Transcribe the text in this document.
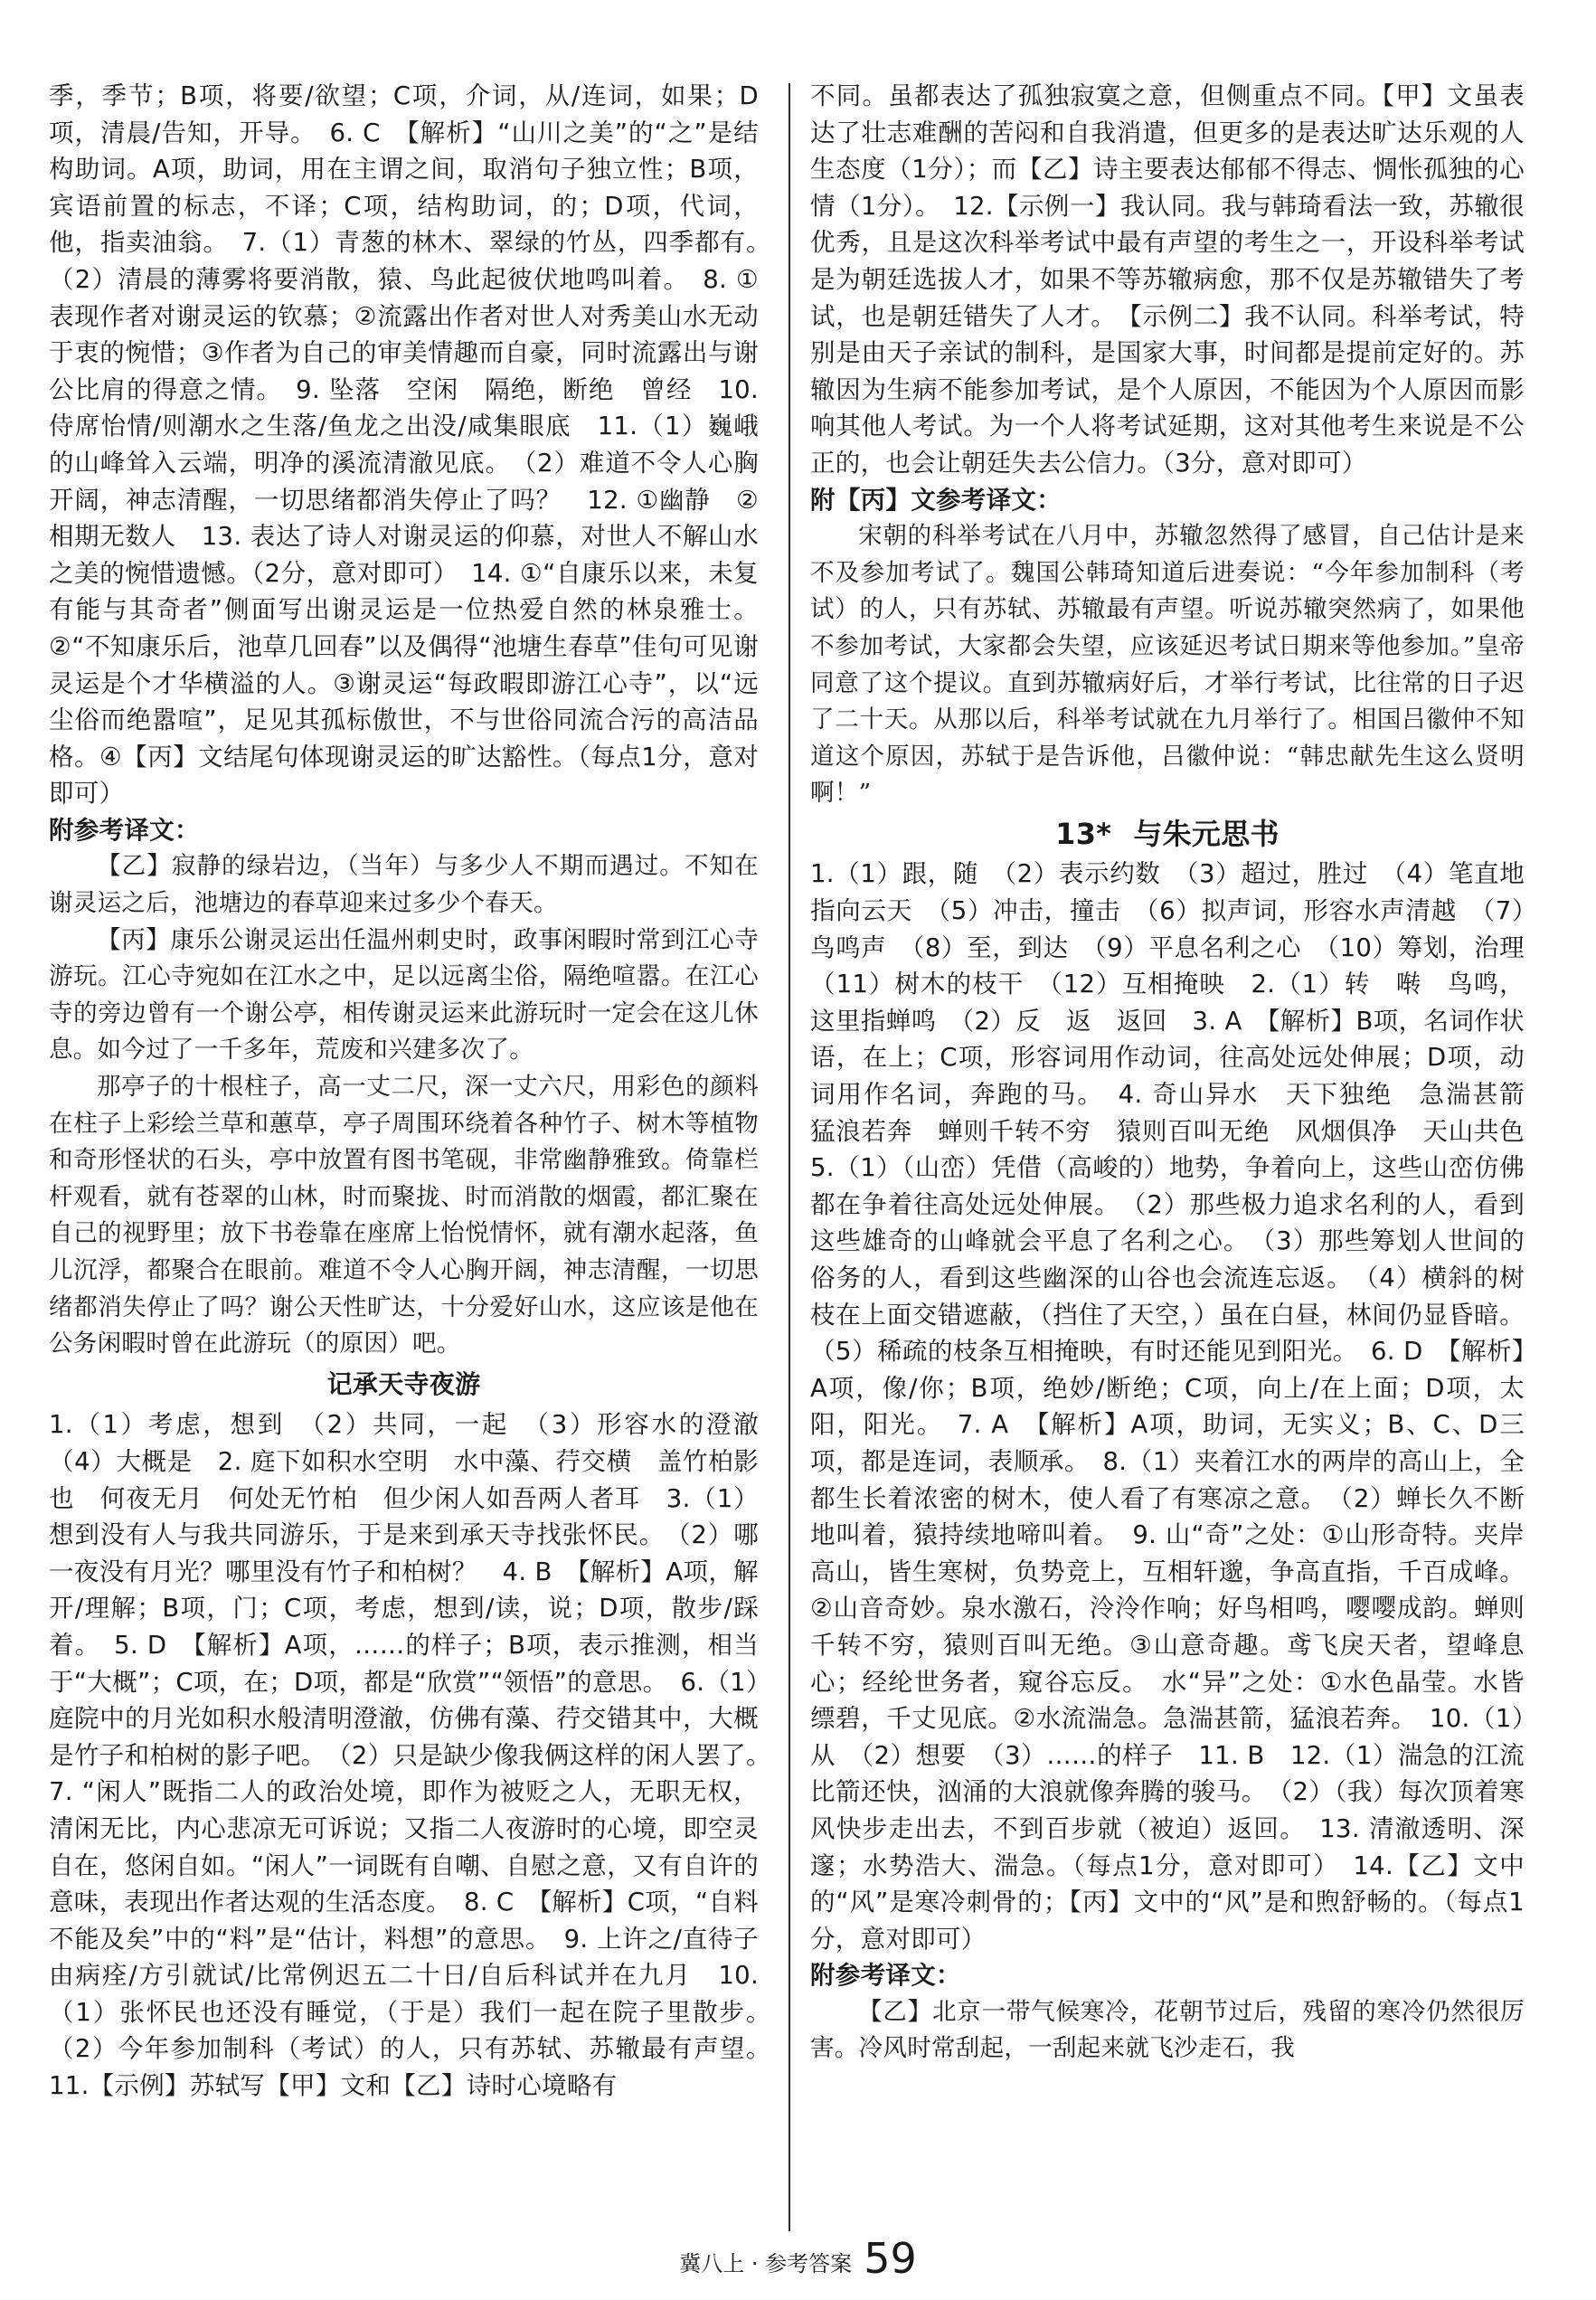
季，季节；B项，将要/欲望；C项，介词，从/连词，如果；D项，清晨/告知，开导。　6. C　【解析】“山川之美”的“之”是结构助词。A项，助词，用在主谓之间，取消句子独立性；B项，宾语前置的标志，不译；C项，结构助词，的；D项，代词，他，指卖油翁。　7.（1）青葱的林木、翠绿的竹丛，四季都有。　（2）清晨的薄雾将要消散，猿、鸟此起彼伏地鸣叫着。　8. ①表现作者对谢灵运的钦慕；②流露出作者对世人对秀美山水无动于衷的惋惜；③作者为自己的审美情趣而自豪，同时流露出与谢公比肩的得意之情。　9. 坠落　空闲　隔绝，断绝　曾经　10. 侍席怡情/则潮水之生落/鱼龙之出没/咸集眼底　11.（1）巍峨的山峰耸入云端，明净的溪流清澈见底。　（2）难道不令人心胸开阔，神志清醒，一切思绪都消失停止了吗？　12. ①幽静　②相期无数人　13. 表达了诗人对谢灵运的仰慕，对世人不解山水之美的惋惜遗憾。（2分，意对即可）　14. ①“自康乐以来，未复有能与其奇者”侧面写出谢灵运是一位热爱自然的林泉雅士。②“不知康乐后，池草几回春”以及偶得“池塘生春草”佳句可见谢灵运是个才华横溢的人。③谢灵运“每政暇即游江心寺”，以“远尘俗而绝嚣喧”，足见其孤标傲世，不与世俗同流合污的高洁品格。④【丙】文结尾句体现谢灵运的旷达豁性。（每点1分，意对即可）

附参考译文：

【乙】寂静的绿岩边，（当年）与多少人不期而遇过。不知在谢灵运之后，池塘边的春草迎来过多少个春天。

【丙】康乐公谢灵运出任温州刺史时，政事闲暇时常到江心寺游玩。江心寺宛如在江水之中，足以远离尘俗，隔绝喧嚣。在江心寺的旁边曾有一个谢公亭，相传谢灵运来此游玩时一定会在这儿休息。如今过了一千多年，荒废和兴建多次了。

那亭子的十根柱子，高一丈二尺，深一丈六尺，用彩色的颜料在柱子上彩绘兰草和蕙草，亭子周围环绕着各种竹子、树木等植物和奇形怪状的石头，亭中放置有图书笔砚，非常幽静雅致。倚靠栏杆观看，就有苍翠的山林，时而聚拢、时而消散的烟霞，都汇聚在自己的视野里；放下书卷靠在座席上怡悦情怀，就有潮水起落，鱼儿沉浮，都聚合在眼前。难道不令人心胸开阔，神志清醒，一切思绪都消失停止了吗？谢公天性旷达，十分爱好山水，这应该是他在公务闲暇时曾在此游玩（的原因）吧。

记承天寺夜游

1.（1）考虑，想到　（2）共同，一起　（3）形容水的澄澈　（4）大概是　2. 庭下如积水空明　水中藻、荇交横　盖竹柏影也　何夜无月　何处无竹柏　但少闲人如吾两人者耳　3.（1）想到没有人与我共同游乐，于是来到承天寺找张怀民。　（2）哪一夜没有月光？哪里没有竹子和柏树？　4. B　【解析】A项，解开/理解；B项，门；C项，考虑，想到/读，说；D项，散步/踩着。　5. D　【解析】A项，……的样子；B项，表示推测，相当于“大概”；C项，在；D项，都是“欣赏”“领悟”的意思。　6.（1）庭院中的月光如积水般清明澄澈，仿佛有藻、荇交错其中，大概是竹子和柏树的影子吧。　（2）只是缺少像我俩这样的闲人罢了。　7. “闲人”既指二人的政治处境，即作为被贬之人，无职无权，清闲无比，内心悲凉无可诉说；又指二人夜游时的心境，即空灵自在，悠闲自如。“闲人”一词既有自嘲、自慰之意，又有自许的意味，表现出作者达观的生活态度。　8. C　【解析】C项，“自料不能及矣”中的“料”是“估计，料想”的意思。　9. 上许之/直待子由病痊/方引就试/比常例迟五二十日/自后科试并在九月　10.（1）张怀民也还没有睡觉，（于是）我们一起在院子里散步。　（2）今年参加制科（考试）的人，只有苏轼、苏辙最有声望。　11.【示例】苏轼写【甲】文和【乙】诗时心境略有

不同。虽都表达了孤独寂寞之意，但侧重点不同。【甲】文虽表达了壮志难酬的苦闷和自我消遣，但更多的是表达旷达乐观的人生态度（1分）；而【乙】诗主要表达郁郁不得志、惆怅孤独的心情（1分）。　12.【示例一】我认同。我与韩琦看法一致，苏辙很优秀，且是这次科举考试中最有声望的考生之一，开设科举考试是为朝廷选拔人才，如果不等苏辙病愈，那不仅是苏辙错失了考试，也是朝廷错失了人才。　【示例二】我不认同。科举考试，特别是由天子亲试的制科，是国家大事，时间都是提前定好的。苏辙因为生病不能参加考试，是个人原因，不能因为个人原因而影响其他人考试。为一个人将考试延期，这对其他考生来说是不公正的，也会让朝廷失去公信力。（3分，意对即可）

附【丙】文参考译文：

宋朝的科举考试在八月中，苏辙忽然得了感冒，自己估计是来不及参加考试了。魏国公韩琦知道后进奏说：“今年参加制科（考试）的人，只有苏轼、苏辙最有声望。听说苏辙突然病了，如果他不参加考试，大家都会失望，应该延迟考试日期来等他参加。”皇帝同意了这个提议。直到苏辙病好后，才举行考试，比往常的日子迟了二十天。从那以后，科举考试就在九月举行了。相国吕徽仲不知道这个原因，苏轼于是告诉他，吕徽仲说：“韩忠献先生这么贤明啊！”

13* 与朱元思书

1.（1）跟，随　（2）表示约数　（3）超过，胜过　（4）笔直地指向云天　（5）冲击，撞击　（6）拟声词，形容水声清越　（7）鸟鸣声　（8）至，到达　（9）平息名利之心　（10）筹划，治理　（11）树木的枝干　（12）互相掩映　2.（1）转　啭　鸟鸣，这里指蝉鸣　（2）反　返　返回　3. A　【解析】B项，名词作状语，在上；C项，形容词用作动词，往高处远处伸展；D项，动词用作名词，奔跑的马。　4. 奇山异水　天下独绝　急湍甚箭　猛浪若奔　蝉则千转不穷　猿则百叫无绝　风烟俱净　天山共色　5.（1）（山峦）凭借（高峻的）地势，争着向上，这些山峦仿佛都在争着往高处远处伸展。　（2）那些极力追求名利的人，看到这些雄奇的山峰就会平息了名利之心。　（3）那些筹划人世间的俗务的人，看到这些幽深的山谷也会流连忘返。　（4）横斜的树枝在上面交错遮蔽，（挡住了天空，）虽在白昼，林间仍显昏暗。（5）稀疏的枝条互相掩映，有时还能见到阳光。　6. D　【解析】A项，像/你；B项，绝妙/断绝；C项，向上/在上面；D项，太阳，阳光。　7. A　【解析】A项，助词，无实义；B、C、D三项，都是连词，表顺承。　8.（1）夹着江水的两岸的高山上，全都生长着浓密的树木，使人看了有寒凉之意。　（2）蝉长久不断地叫着，猿持续地啼叫着。　9. 山“奇”之处：①山形奇特。夹岸高山，皆生寒树，负势竞上，互相轩邈，争高直指，千百成峰。②山音奇妙。泉水激石，泠泠作响；好鸟相鸣，嘤嘤成韵。蝉则千转不穷，猿则百叫无绝。③山意奇趣。鸢飞戾天者，望峰息心；经纶世务者，窥谷忘反。　水“异”之处：①水色晶莹。水皆缥碧，千丈见底。②水流湍急。急湍甚箭，猛浪若奔。　10.（1）从　（2）想要　（3）……的样子　11. B　12.（1）湍急的江流比箭还快，汹涌的大浪就像奔腾的骏马。　（2）（我）每次顶着寒风快步走出去，不到百步就（被迫）返回。　13. 清澈透明、深邃；水势浩大、湍急。（每点1分，意对即可）　14.【乙】文中的“风”是寒冷刺骨的；【丙】文中的“风”是和煦舒畅的。（每点1分，意对即可）

附参考译文：

【乙】北京一带气候寒冷，花朝节过后，残留的寒冷仍然很厉害。冷风时常刮起，一刮起来就飞沙走石，我

冀八上 · 参考答案 59
